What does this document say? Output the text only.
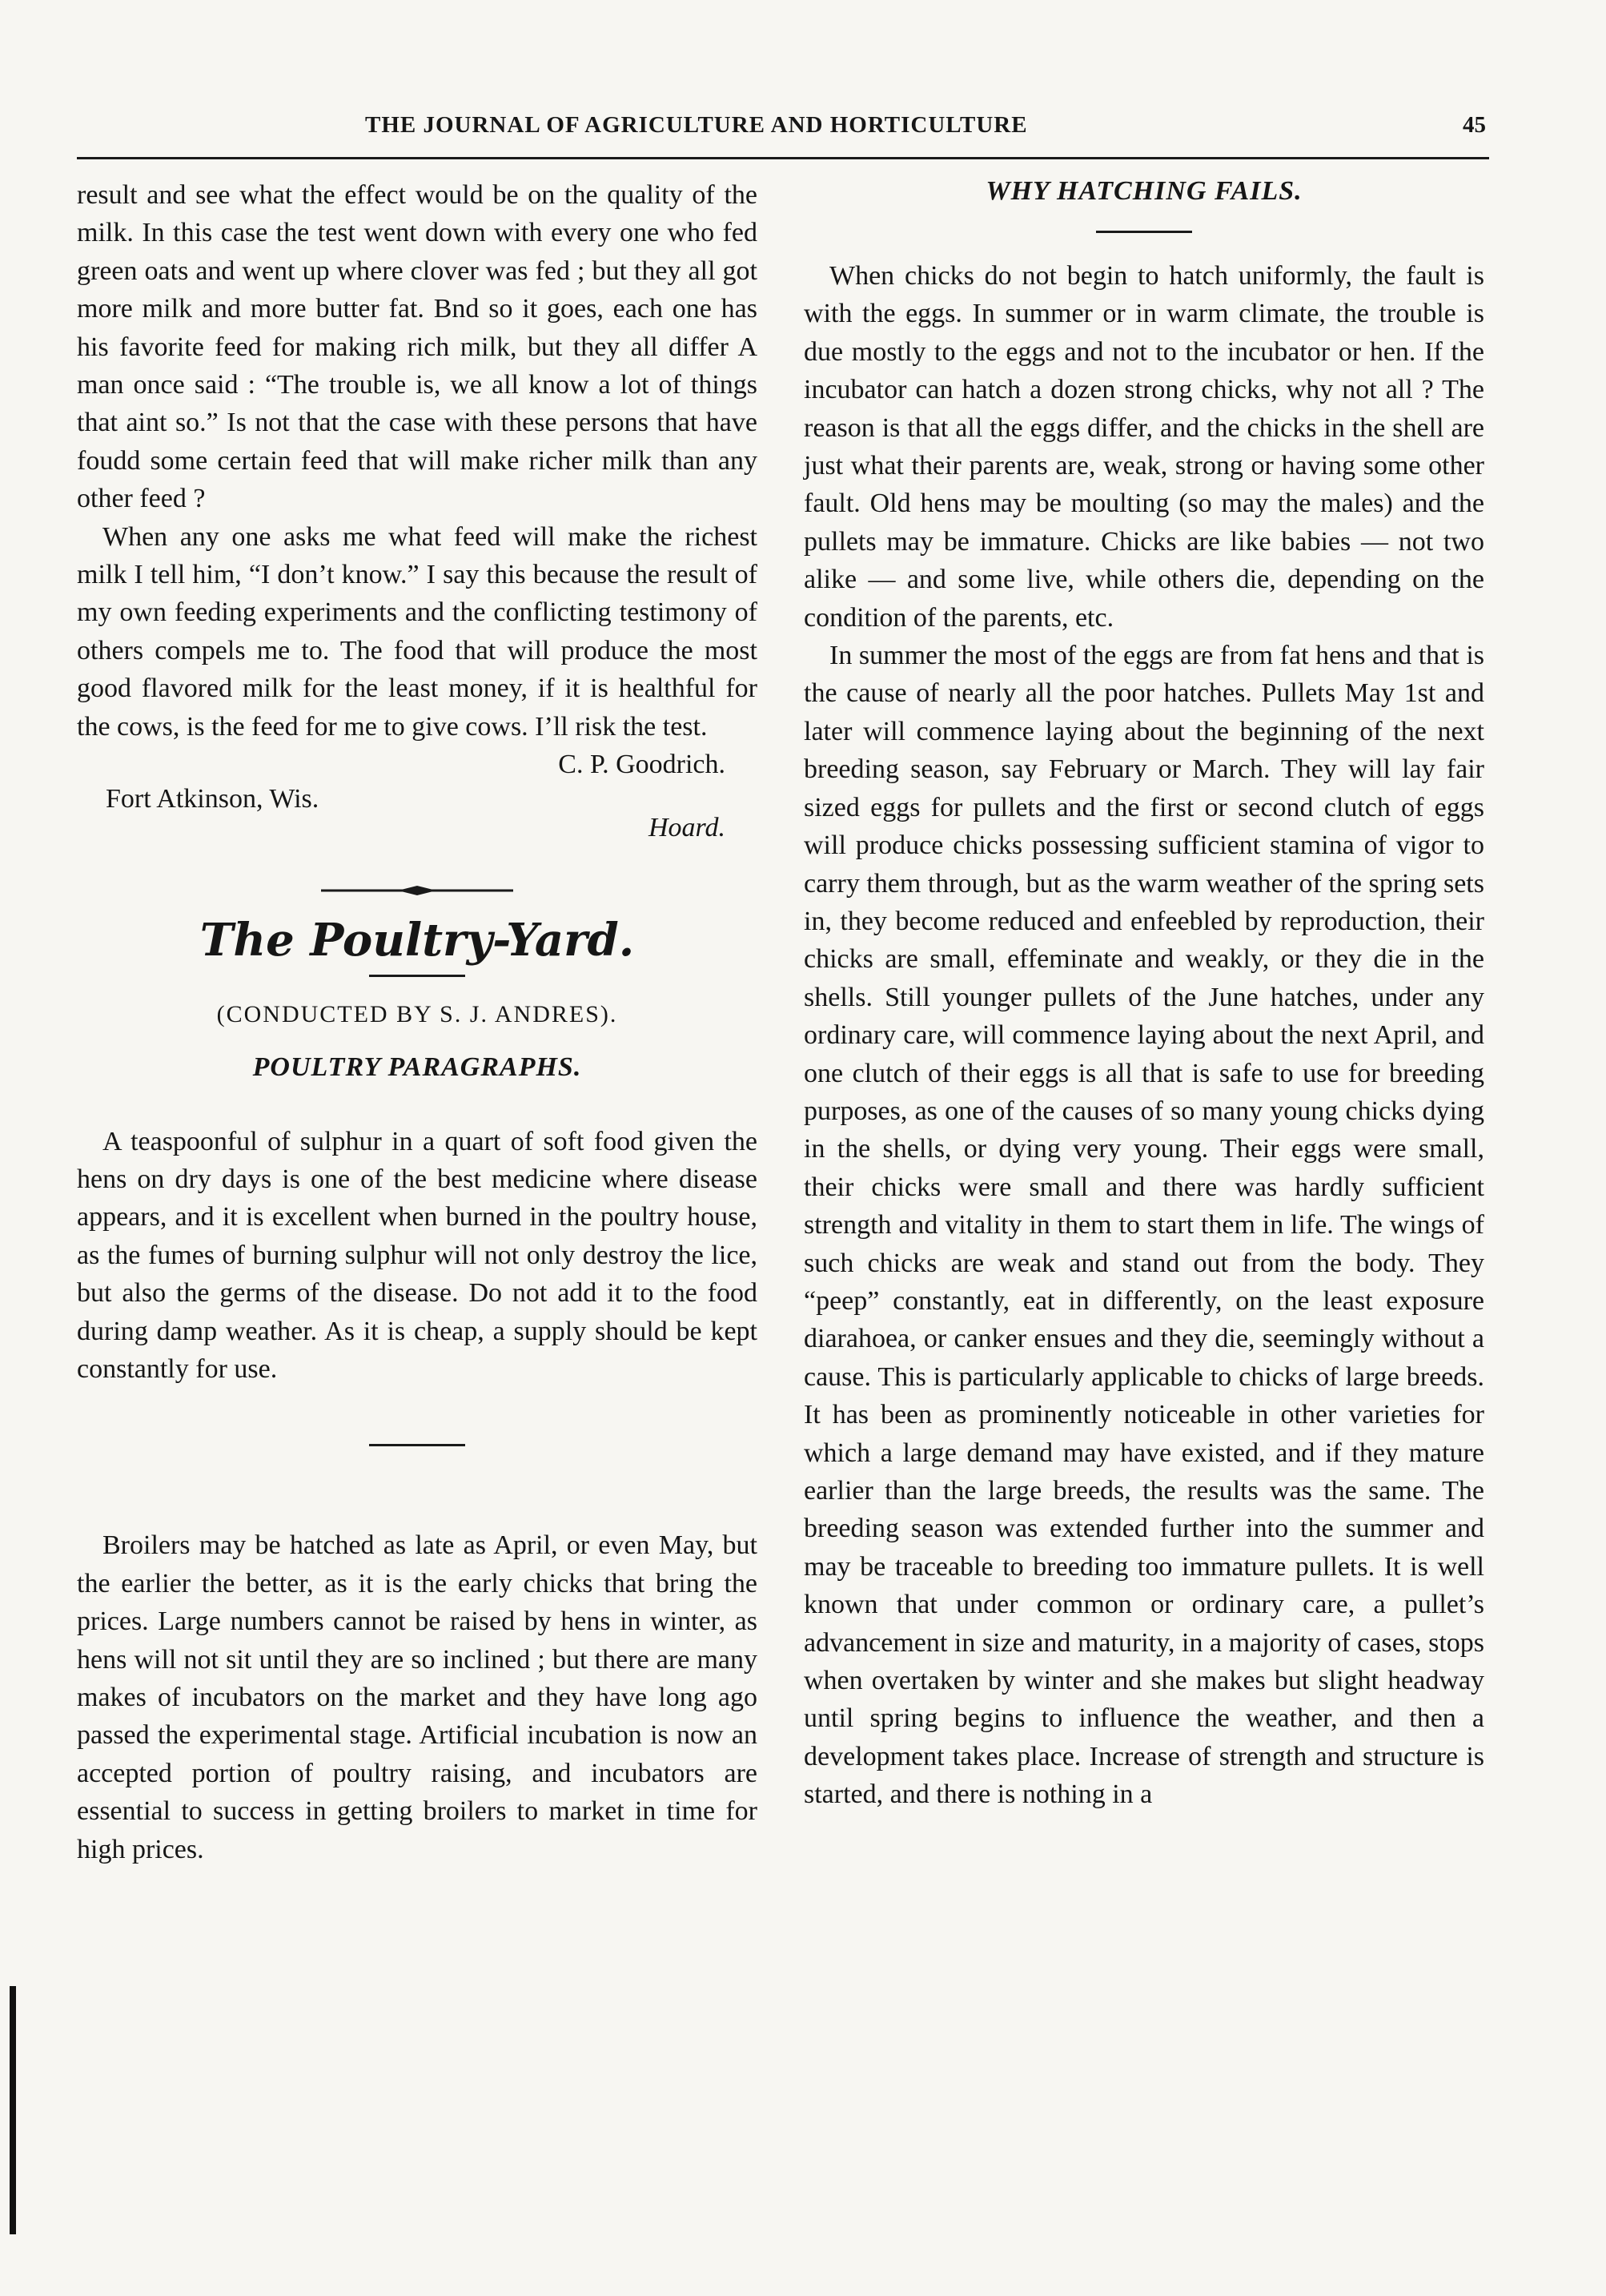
THE JOURNAL OF AGRICULTURE AND HORTICULTURE	45

result and see what the effect would be on the quality of the milk. In this case the test went down with every one who fed green oats and went up where clover was fed ; but they all got more milk and more butter fat. Bnd so it goes, each one has his favorite feed for making rich milk, but they all differ A man once said : “The trouble is, we all know a lot of things that aint so.” Is not that the case with these persons that have foudd some certain feed that will make richer milk than any other feed ?

When any one asks me what feed will make the richest milk I tell him, “I don’t know.” I say this because the result of my own feeding experiments and the conflicting testimony of others compels me to. The food that will produce the most good flavored milk for the least money, if it is healthful for the cows, is the feed for me to give cows. I’ll risk the test.

C. P. Goodrich.

Fort Atkinson, Wis.
Hoard.
The Poultry-Yard.
(CONDUCTED BY S. J. ANDRES).
POULTRY PARAGRAPHS.

A teaspoonful of sulphur in a quart of soft food given the hens on dry days is one of the best medicine where disease appears, and it is excellent when burned in the poultry house, as the fumes of burning sulphur will not only destroy the lice, but also the germs of the disease. Do not add it to the food during damp weather. As it is cheap, a supply should be kept constantly for use.

Broilers may be hatched as late as April, or even May, but the earlier the better, as it is the early chicks that bring the prices. Large numbers cannot be raised by hens in winter, as hens will not sit until they are so inclined ; but there are many makes of incubators on the market and they have long ago passed the experimental stage. Artificial incubation is now an accepted portion of poultry raising, and incubators are essential to success in getting broilers to market in time for high prices.

WHY HATCHING FAILS.

When chicks do not begin to hatch uniformly, the fault is with the eggs. In summer or in warm climate, the trouble is due mostly to the eggs and not to the incubator or hen. If the incubator can hatch a dozen strong chicks, why not all ? The reason is that all the eggs differ, and the chicks in the shell are just what their parents are, weak, strong or having some other fault. Old hens may be moulting (so may the males) and the pullets may be immature. Chicks are like babies — not two alike — and some live, while others die, depending on the condition of the parents, etc.

In summer the most of the eggs are from fat hens and that is the cause of nearly all the poor hatches. Pullets May 1st and later will commence laying about the beginning of the next breeding season, say February or March. They will lay fair sized eggs for pullets and the first or second clutch of eggs will produce chicks possessing sufficient stamina of vigor to carry them through, but as the warm weather of the spring sets in, they become reduced and enfeebled by reproduction, their chicks are small, effeminate and weakly, or they die in the shells. Still younger pullets of the June hatches, under any ordinary care, will commence laying about the next April, and one clutch of their eggs is all that is safe to use for breeding purposes, as one of the causes of so many young chicks dying in the shells, or dying very young. Their eggs were small, their chicks were small and there was hardly sufficient strength and vitality in them to start them in life. The wings of such chicks are weak and stand out from the body. They “peep” constantly, eat in differently, on the least exposure diarahoea, or canker ensues and they die, seemingly without a cause. This is particularly applicable to chicks of large breeds. It has been as prominently noticeable in other varieties for which a large demand may have existed, and if they mature earlier than the large breeds, the results was the same. The breeding season was extended further into the summer and may be traceable to breeding too immature pullets. It is well known that under common or ordinary care, a pullet’s advancement in size and maturity, in a majority of cases, stops when overtaken by winter and she makes but slight headway until spring begins to influence the weather, and then a development takes place. Increase of strength and structure is started, and there is nothing in a
